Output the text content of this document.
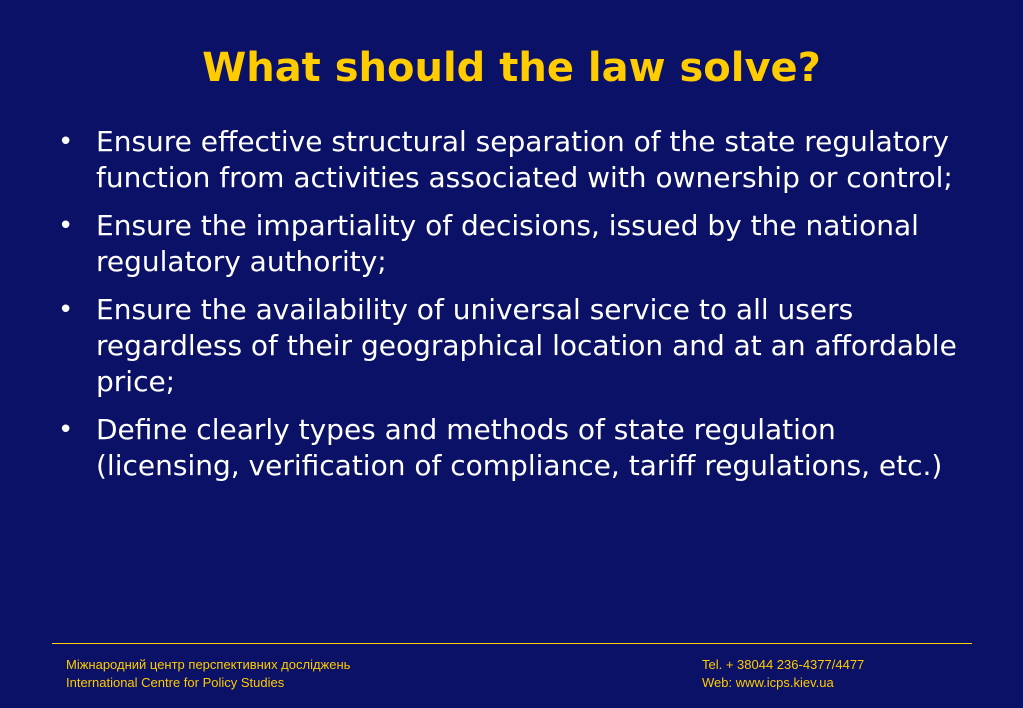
What should the law solve?
• Ensure effective structural separation of the state regulatory function from activities associated with ownership or control;
• Ensure the impartiality of decisions, issued by the national regulatory authority;
• Ensure the availability of universal service to all users regardless of their geographical location and at an affordable price;
• Define clearly types and methods of state regulation (licensing, verification of compliance, tariff regulations, etc.)
Міжнародний центр перспективних досліджень
International Centre for Policy Studies
Tel. + 38044 236-4377/4477
Web: www.icps.kiev.ua
